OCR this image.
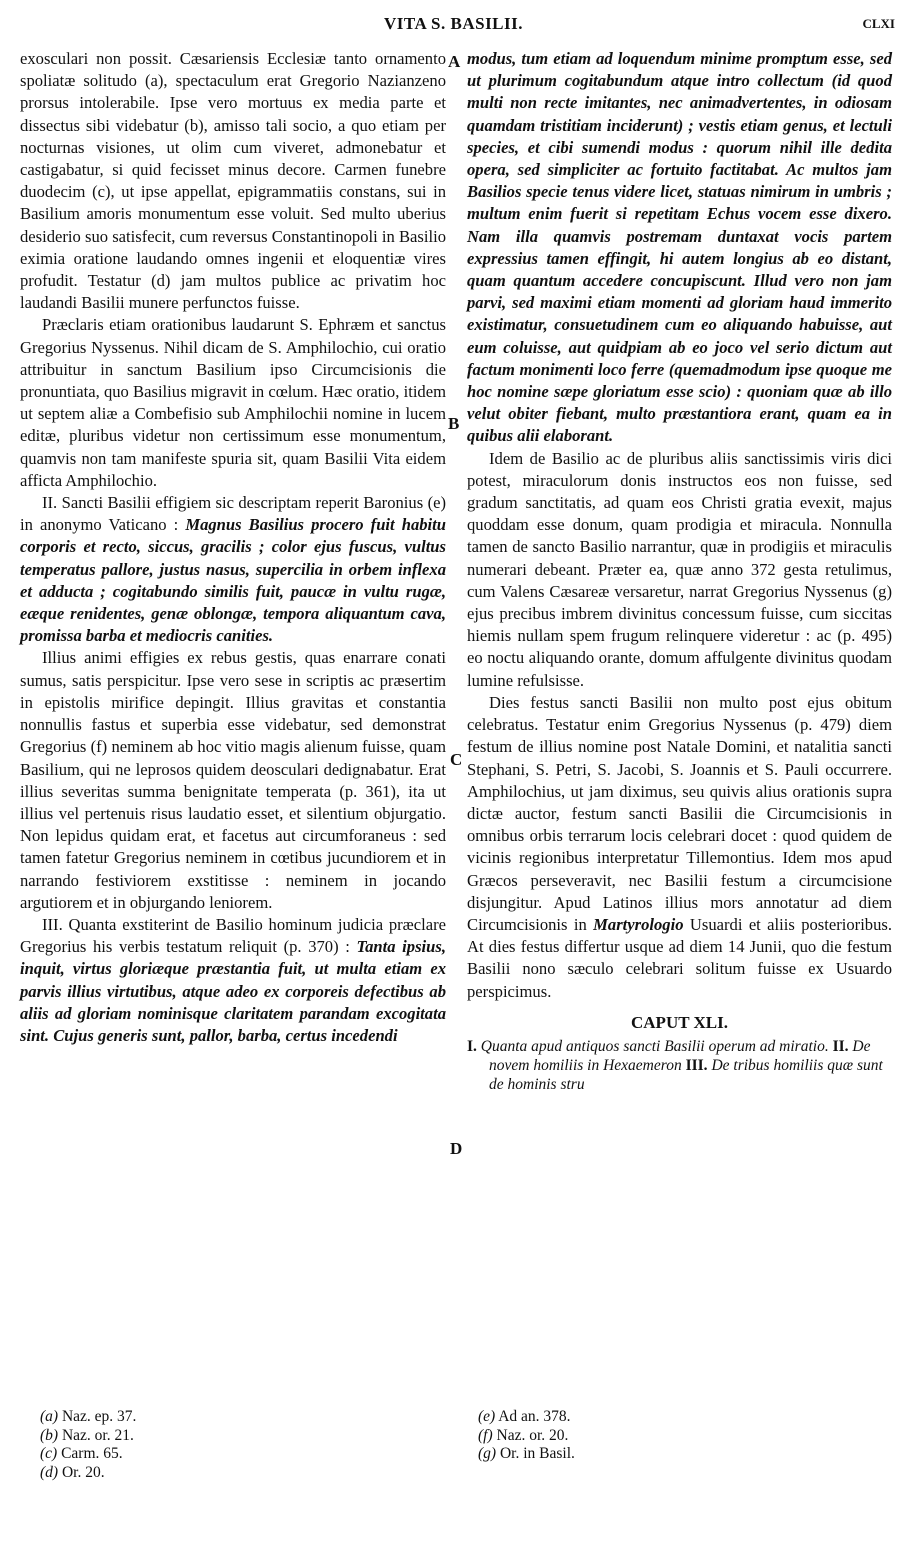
VITA S. BASILII.	CLXI
A
B
C
D

exosculari non possit. Cæsariensis Ecclesiæ tanto ornamento spoliatæ solitudo (a), spectaculum erat Gregorio Nazianzeno prorsus intolerabile. Ipse vero mortuus ex media parte et dissectus sibi videbatur (b), amisso tali socio, a quo etiam per nocturnas visiones, ut olim cum viveret, admonebatur et castigabatur, si quid fecisset minus decore. Carmen funebre duodecim (c), ut ipse appellat, epigrammatiis constans, sui in Basilium amoris monumentum esse voluit. Sed multo uberius desiderio suo satisfecit, cum reversus Constantinopoli in Basilio eximia oratione laudando omnes ingenii et eloquentiæ vires profudit. Testatur (d) jam multos publice ac privatim hoc laudandi Basilii munere perfunctos fuisse.

Præclaris etiam orationibus laudarunt S. Ephræm et sanctus Gregorius Nyssenus. Nihil dicam de S. Amphilochio, cui oratio attribuitur in sanctum Basilium ipso Circumcisionis die pronuntiata, quo Basilius migravit in cœlum. Hæc oratio, itidem ut septem aliæ a Combefisio sub Amphilochii nomine in lucem editæ, pluribus videtur non certissimum esse monumentum, quamvis non tam manifeste spuria sit, quam Basilii Vita eidem afficta Amphilochio.

II. Sancti Basilii effigiem sic descriptam reperit Baronius (e) in anonymo Vaticano : Magnus Basilius procero fuit habitu corporis et recto, siccus, gracilis ; color ejus fuscus, vultus temperatus pallore, justus nasus, supercilia in orbem inflexa et adducta ; cogitabundo similis fuit, paucæ in vultu rugæ, eæque renidentes, genæ oblongæ, tempora aliquantum cava, promissa barba et mediocris canities.

Illius animi effigies ex rebus gestis, quas enarrare conati sumus, satis perspicitur. Ipse vero sese in scriptis ac præsertim in epistolis mirifice depingit. Illius gravitas et constantia nonnullis fastus et superbia esse videbatur, sed demonstrat Gregorius (f) neminem ab hoc vitio magis alienum fuisse, quam Basilium, qui ne leprosos quidem deosculari dedignabatur. Erat illius severitas summa benignitate temperata (p. 361), ita ut illius vel pertenuis risus laudatio esset, et silentium objurgatio. Non lepidus quidam erat, et facetus aut circumforaneus : sed tamen fatetur Gregorius neminem in cœtibus jucundiorem et in narrando festiviorem exstitisse : neminem in jocando argutiorem et in objurgando leniorem.

III. Quanta exstiterint de Basilio hominum judicia præclare Gregorius his verbis testatum reliquit (p. 370) : Tanta ipsius, inquit, virtus gloriæque præstantia fuit, ut multa etiam ex parvis illius virtutibus, atque adeo ex corporeis defectibus ab aliis ad gloriam nominisque claritatem parandam excogitata sint. Cujus generis sunt, pallor, barba, certus incedendi

modus, tum etiam ad loquendum minime promptum esse, sed ut plurimum cogitabundum atque intro collectum (id quod multi non recte imitantes, nec animadvertentes, in odiosam quamdam tristitiam inciderunt) ; vestis etiam genus, et lectuli species, et cibi sumendi modus : quorum nihil ille dedita opera, sed simpliciter ac fortuito factitabat. Ac multos jam Basilios specie tenus videre licet, statuas nimirum in umbris ; multum enim fuerit si repetitam Echus vocem esse dixero. Nam illa quamvis postremam duntaxat vocis partem expressius tamen effingit, hi autem longius ab eo distant, quam quantum accedere concupiscunt. Illud vero non jam parvi, sed maximi etiam momenti ad gloriam haud immerito existimatur, consuetudinem cum eo aliquando habuisse, aut eum coluisse, aut quidpiam ab eo joco vel serio dictum aut factum monimenti loco ferre (quemadmodum ipse quoque me hoc nomine sæpe gloriatum esse scio) : quoniam quæ ab illo velut obiter fiebant, multo præstantiora erant, quam ea in quibus alii elaborant.

Idem de Basilio ac de pluribus aliis sanctissimis viris dici potest, miraculorum donis instructos eos non fuisse, sed gradum sanctitatis, ad quam eos Christi gratia evexit, majus quoddam esse donum, quam prodigia et miracula. Nonnulla tamen de sancto Basilio narrantur, quæ in prodigiis et miraculis numerari debeant. Præter ea, quæ anno 372 gesta retulimus, cum Valens Cæsareæ versaretur, narrat Gregorius Nyssenus (g) ejus precibus imbrem divinitus concessum fuisse, cum siccitas hiemis nullam spem frugum relinquere videretur : ac (p. 495) eo noctu aliquando orante, domum affulgente divinitus quodam lumine refulsisse.

Dies festus sancti Basilii non multo post ejus obitum celebratus. Testatur enim Gregorius Nyssenus (p. 479) diem festum de illius nomine post Natale Domini, et natalitia sancti Stephani, S. Petri, S. Jacobi, S. Joannis et S. Pauli occurrere. Amphilochius, ut jam diximus, seu quivis alius orationis supra dictæ auctor, festum sancti Basilii die Circumcisionis in omnibus orbis terrarum locis celebrari docet : quod quidem de vicinis regionibus interpretatur Tillemontius. Idem mos apud Græcos perseveravit, nec Basilii festum a circumcisione disjungitur. Apud Latinos illius mors annotatur ad diem Circumcisionis in Martyrologio Usuardi et aliis posterioribus. At dies festus differtur usque ad diem 14 Junii, quo die festum Basilii nono sæculo celebrari solitum fuisse ex Usuardo perspicimus.

CAPUT XLI.

I. Quanta apud antiquos sancti Basilii operum ad miratio. II. De novem homiliis in Hexaemeron III. De tribus homiliis quæ sunt de hominis stru

(a) Naz. ep. 37.
(b) Naz. or. 21.
(c) Carm. 65.
(d) Or. 20.
(e) Ad an. 378.
(f) Naz. or. 20.
(g) Or. in Basil.
